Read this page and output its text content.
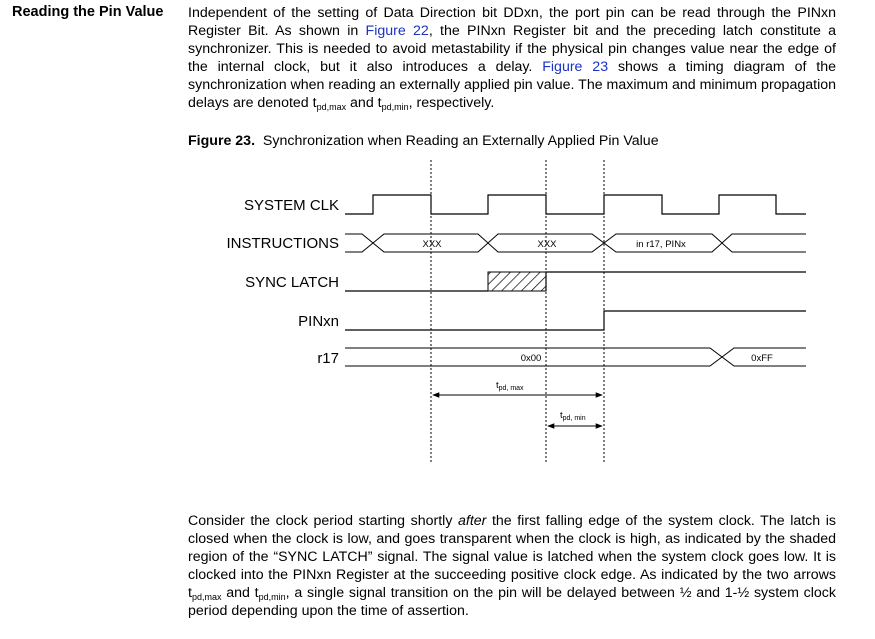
Reading the Pin Value Independent of the setting of Data Direction bit DDxn, the port pin can be read through the PINxn Register Bit. As shown in Figure 22, the PINxn Register bit and the preceding latch constitute a synchronizer. This is needed to avoid metastability if the physical pin changes value near the edge of the internal clock, but it also introduces a delay. Figure 23 shows a timing diagram of the synchronization when reading an externally applied pin value. The maximum and minimum propagation delays are denoted $t_{pd,max}$ and $t_{pd,min}$, respectively.

Figure 23. Synchronization when Reading an Externally Applied Pin Value
SYSTEM CLK
INSTRUCTIONS
SYNC LATCH
PINxn
r17
XXX	XXX	in r17, PINx
0x00	0xFF
$t_{pd, max}$
$t_{pd, min}$

Consider the clock period starting shortly after the first falling edge of the system clock. The latch is closed when the clock is low, and goes transparent when the clock is high, as indicated by the shaded region of the “SYNC LATCH” signal. The signal value is latched when the system clock goes low. It is clocked into the PINxn Register at the succeeding positive clock edge. As indicated by the two arrows $t_{pd,max}$ and $t_{pd,min}$, a single signal transition on the pin will be delayed between ½ and 1-½ system clock period depending upon the time of assertion.
